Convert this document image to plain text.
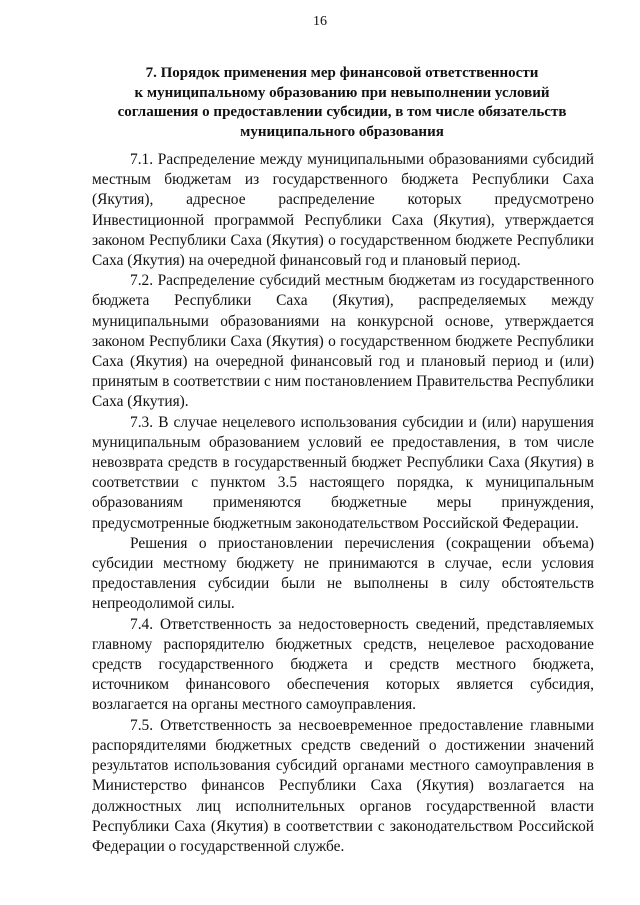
16
7. Порядок применения мер финансовой ответственности
к муниципальному образованию при невыполнении условий
соглашения о предоставлении субсидии, в том числе обязательств
муниципального образования

7.1. Распределение между муниципальными образованиями субсидий местным бюджетам из государственного бюджета Республики Саха (Якутия), адресное распределение которых предусмотрено Инвестиционной программой Республики Саха (Якутия), утверждается законом Республики Саха (Якутия) о государственном бюджете Республики Саха (Якутия) на очередной финансовый год и плановый период.

7.2. Распределение субсидий местным бюджетам из государственного бюджета Республики Саха (Якутия), распределяемых между муниципальными образованиями на конкурсной основе, утверждается законом Республики Саха (Якутия) о государственном бюджете Республики Саха (Якутия) на очередной финансовый год и плановый период и (или) принятым в соответствии с ним постановлением Правительства Республики Саха (Якутия).

7.3. В случае нецелевого использования субсидии и (или) нарушения муниципальным образованием условий ее предоставления, в том числе невозврата средств в государственный бюджет Республики Саха (Якутия) в соответствии с пунктом 3.5 настоящего порядка, к муниципальным образованиям применяются бюджетные меры принуждения, предусмотренные бюджетным законодательством Российской Федерации.

Решения о приостановлении перечисления (сокращении объема) субсидии местному бюджету не принимаются в случае, если условия предоставления субсидии были не выполнены в силу обстоятельств непреодолимой силы.

7.4. Ответственность за недостоверность сведений, представляемых главному распорядителю бюджетных средств, нецелевое расходование средств государственного бюджета и средств местного бюджета, источником финансового обеспечения которых является субсидия, возлагается на органы местного самоуправления.

7.5. Ответственность за несвоевременное предоставление главными распорядителями бюджетных средств сведений о достижении значений результатов использования субсидий органами местного самоуправления в Министерство финансов Республики Саха (Якутия) возлагается на должностных лиц исполнительных органов государственной власти Республики Саха (Якутия) в соответствии с законодательством Российской Федерации о государственной службе.
